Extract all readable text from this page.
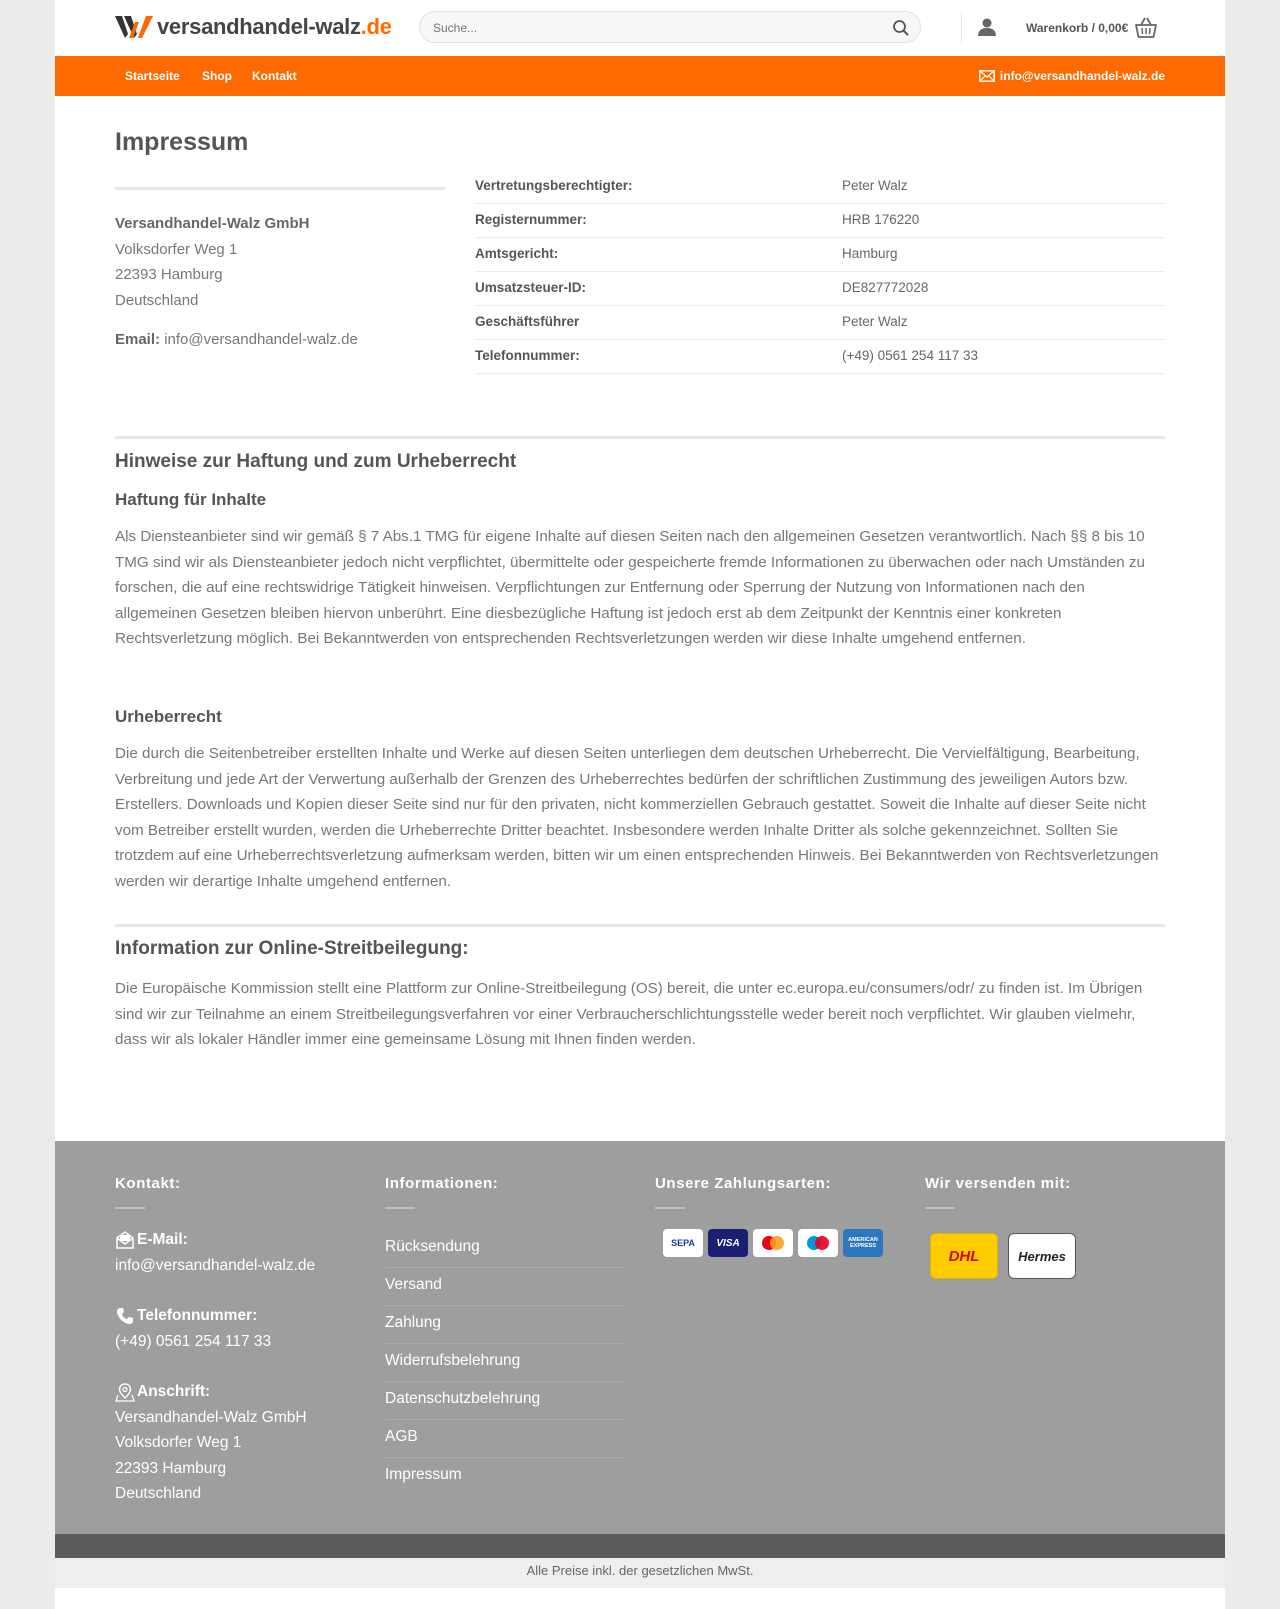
versandhandel-walz.de
Suche...	Warenkorb / 0,00€
Startseite Shop Kontakt	info@versandhandel-walz.de
Impressum
Versandhandel-Walz GmbH
Volksdorfer Weg 1
22393 Hamburg
Deutschland
Email: info@versandhandel-walz.de
Vertretungsberechtigter:	Peter Walz
Registernummer:	HRB 176220
Amtsgericht:	Hamburg
Umsatzsteuer-ID:	DE827772028
Geschäftsführer	Peter Walz
Telefonnummer:	(+49) 0561 254 117 33
Hinweise zur Haftung und zum Urheberrecht
Haftung für Inhalte

Als Diensteanbieter sind wir gemäß § 7 Abs.1 TMG für eigene Inhalte auf diesen Seiten nach den allgemeinen Gesetzen verantwortlich. Nach §§ 8 bis 10 TMG sind wir als Diensteanbieter jedoch nicht verpflichtet, übermittelte oder gespeicherte fremde Informationen zu überwachen oder nach Umständen zu forschen, die auf eine rechtswidrige Tätigkeit hinweisen. Verpflichtungen zur Entfernung oder Sperrung der Nutzung von Informationen nach den allgemeinen Gesetzen bleiben hiervon unberührt. Eine diesbezügliche Haftung ist jedoch erst ab dem Zeitpunkt der Kenntnis einer konkreten Rechtsverletzung möglich. Bei Bekanntwerden von entsprechenden Rechtsverletzungen werden wir diese Inhalte umgehend entfernen.

Urheberrecht

Die durch die Seitenbetreiber erstellten Inhalte und Werke auf diesen Seiten unterliegen dem deutschen Urheberrecht. Die Vervielfältigung, Bearbeitung, Verbreitung und jede Art der Verwertung außerhalb der Grenzen des Urheberrechtes bedürfen der schriftlichen Zustimmung des jeweiligen Autors bzw. Erstellers. Downloads und Kopien dieser Seite sind nur für den privaten, nicht kommerziellen Gebrauch gestattet. Soweit die Inhalte auf dieser Seite nicht vom Betreiber erstellt wurden, werden die Urheberrechte Dritter beachtet. Insbesondere werden Inhalte Dritter als solche gekennzeichnet. Sollten Sie trotzdem auf eine Urheberrechtsverletzung aufmerksam werden, bitten wir um einen entsprechenden Hinweis. Bei Bekanntwerden von Rechtsverletzungen werden wir derartige Inhalte umgehend entfernen.

Information zur Online-Streitbeilegung:

Die Europäische Kommission stellt eine Plattform zur Online-Streitbeilegung (OS) bereit, die unter ec.europa.eu/consumers/odr/ zu finden ist. Im Übrigen sind wir zur Teilnahme an einem Streitbeilegungsverfahren vor einer Verbraucherschlichtungsstelle weder bereit noch verpflichtet. Wir glauben vielmehr, dass wir als lokaler Händler immer eine gemeinsame Lösung mit Ihnen finden werden.

Kontakt:
E-Mail:
info@versandhandel-walz.de
Telefonnummer:
(+49) 0561 254 117 33
Anschrift:
Versandhandel-Walz GmbH
Volksdorfer Weg 1
22393 Hamburg
Deutschland
Informationen:
Rücksendung
Versand
Zahlung
Widerrufsbelehrung
Datenschutzbelehrung
AGB
Impressum
Unsere Zahlungsarten:
SEPA VISA	AMERICAN EXPRESS
Wir versenden mit:
DHL	Hermes
Alle Preise inkl. der gesetzlichen MwSt.
